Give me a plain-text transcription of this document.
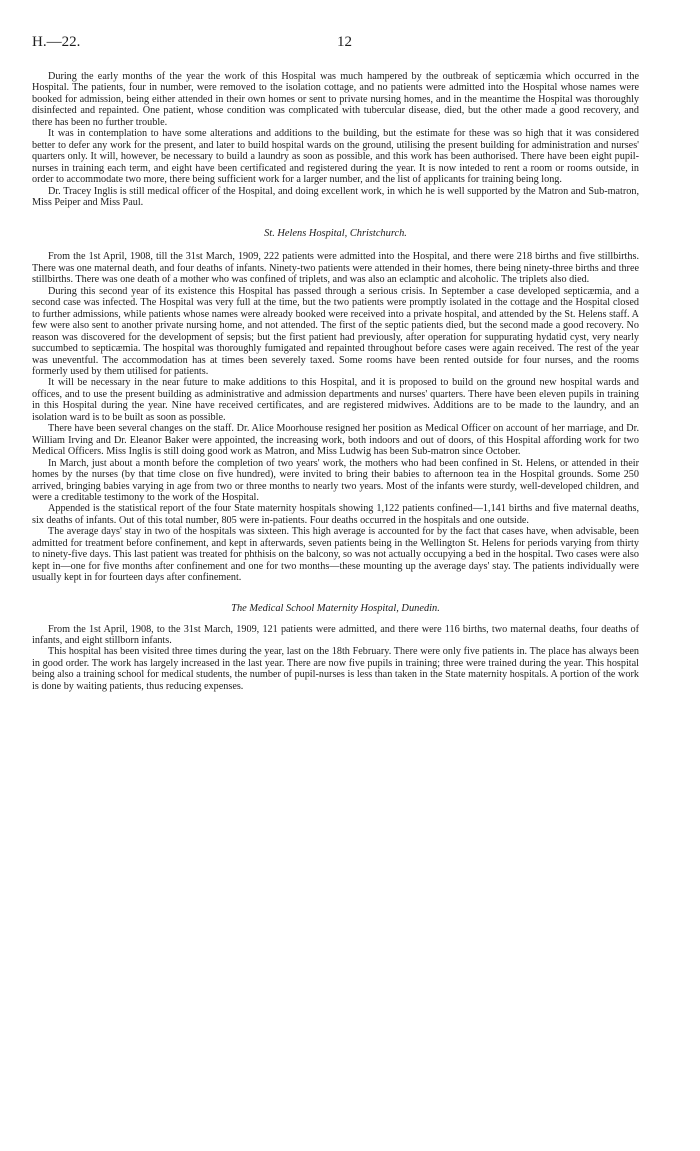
H.—22.	12

During the early months of the year the work of this Hospital was much hampered by the outbreak of septicæmia which occurred in the Hospital. The patients, four in number, were removed to the isolation cottage, and no patients were admitted into the Hospital whose names were booked for admission, being either attended in their own homes or sent to private nursing homes, and in the meantime the Hospital was thoroughly disinfected and repainted. One patient, whose condition was complicated with tubercular disease, died, but the other made a good recovery, and there has been no further trouble.

It was in contemplation to have some alterations and additions to the building, but the estimate for these was so high that it was considered better to defer any work for the present, and later to build hospital wards on the ground, utilising the present building for administration and nurses' quarters only. It will, however, be necessary to build a laundry as soon as possible, and this work has been authorised. There have been eight pupil-nurses in training each term, and eight have been certificated and registered during the year. It is now inteded to rent a room or rooms outside, in order to accommodate two more, there being sufficient work for a larger number, and the list of applicants for training being long.

Dr. Tracey Inglis is still medical officer of the Hospital, and doing excellent work, in which he is well supported by the Matron and Sub-matron, Miss Peiper and Miss Paul.

St. Helens Hospital, Christchurch.

From the 1st April, 1908, till the 31st March, 1909, 222 patients were admitted into the Hospital, and there were 218 births and five stillbirths. There was one maternal death, and four deaths of infants. Ninety-two patients were attended in their homes, there being ninety-three births and three stillbirths. There was one death of a mother who was confined of triplets, and was also an eclamptic and alcoholic. The triplets also died.

During this second year of its existence this Hospital has passed through a serious crisis. In September a case developed septicæmia, and a second case was infected. The Hospital was very full at the time, but the two patients were promptly isolated in the cottage and the Hospital closed to further admissions, while patients whose names were already booked were received into a private hospital, and attended by the St. Helens staff. A few were also sent to another private nursing home, and not attended. The first of the septic patients died, but the second made a good recovery. No reason was discovered for the development of sepsis; but the first patient had previously, after operation for suppurating hydatid cyst, very nearly succumbed to septicæmia. The hospital was thoroughly fumigated and repainted throughout before cases were again received. The rest of the year was uneventful. The accommodation has at times been severely taxed. Some rooms have been rented outside for four nurses, and the rooms formerly used by them utilised for patients.

It will be necessary in the near future to make additions to this Hospital, and it is proposed to build on the ground new hospital wards and offices, and to use the present building as administrative and admission departments and nurses' quarters. There have been eleven pupils in training in this Hospital during the year. Nine have received certificates, and are registered midwives. Additions are to be made to the laundry, and an isolation ward is to be built as soon as possible.

There have been several changes on the staff. Dr. Alice Moorhouse resigned her position as Medical Officer on account of her marriage, and Dr. William Irving and Dr. Eleanor Baker were appointed, the increasing work, both indoors and out of doors, of this Hospital affording work for two Medical Officers. Miss Inglis is still doing good work as Matron, and Miss Ludwig has been Sub-matron since October.

In March, just about a month before the completion of two years' work, the mothers who had been confined in St. Helens, or attended in their homes by the nurses (by that time close on five hundred), were invited to bring their babies to afternoon tea in the Hospital grounds. Some 250 arrived, bringing babies varying in age from two or three months to nearly two years. Most of the infants were sturdy, well-developed children, and were a creditable testimony to the work of the Hospital.

Appended is the statistical report of the four State maternity hospitals showing 1,122 patients confined—1,141 births and five maternal deaths, six deaths of infants. Out of this total number, 805 were in-patients. Four deaths occurred in the hospitals and one outside.

The average days' stay in two of the hospitals was sixteen. This high average is accounted for by the fact that cases have, when advisable, been admitted for treatment before confinement, and kept in afterwards, seven patients being in the Wellington St. Helens for periods varying from thirty to ninety-five days. This last patient was treated for phthisis on the balcony, so was not actually occupying a bed in the hospital. Two cases were also kept in—one for five months after confinement and one for two months—these mounting up the average days' stay. The patients individually were usually kept in for fourteen days after confinement.

The Medical School Maternity Hospital, Dunedin.

From the 1st April, 1908, to the 31st March, 1909, 121 patients were admitted, and there were 116 births, two maternal deaths, four deaths of infants, and eight stillborn infants.

This hospital has been visited three times during the year, last on the 18th February. There were only five patients in. The place has always been in good order. The work has largely increased in the last year. There are now five pupils in training; three were trained during the year. This hospital being also a training school for medical students, the number of pupil-nurses is less than taken in the State maternity hospitals. A portion of the work is done by waiting patients, thus reducing expenses.
